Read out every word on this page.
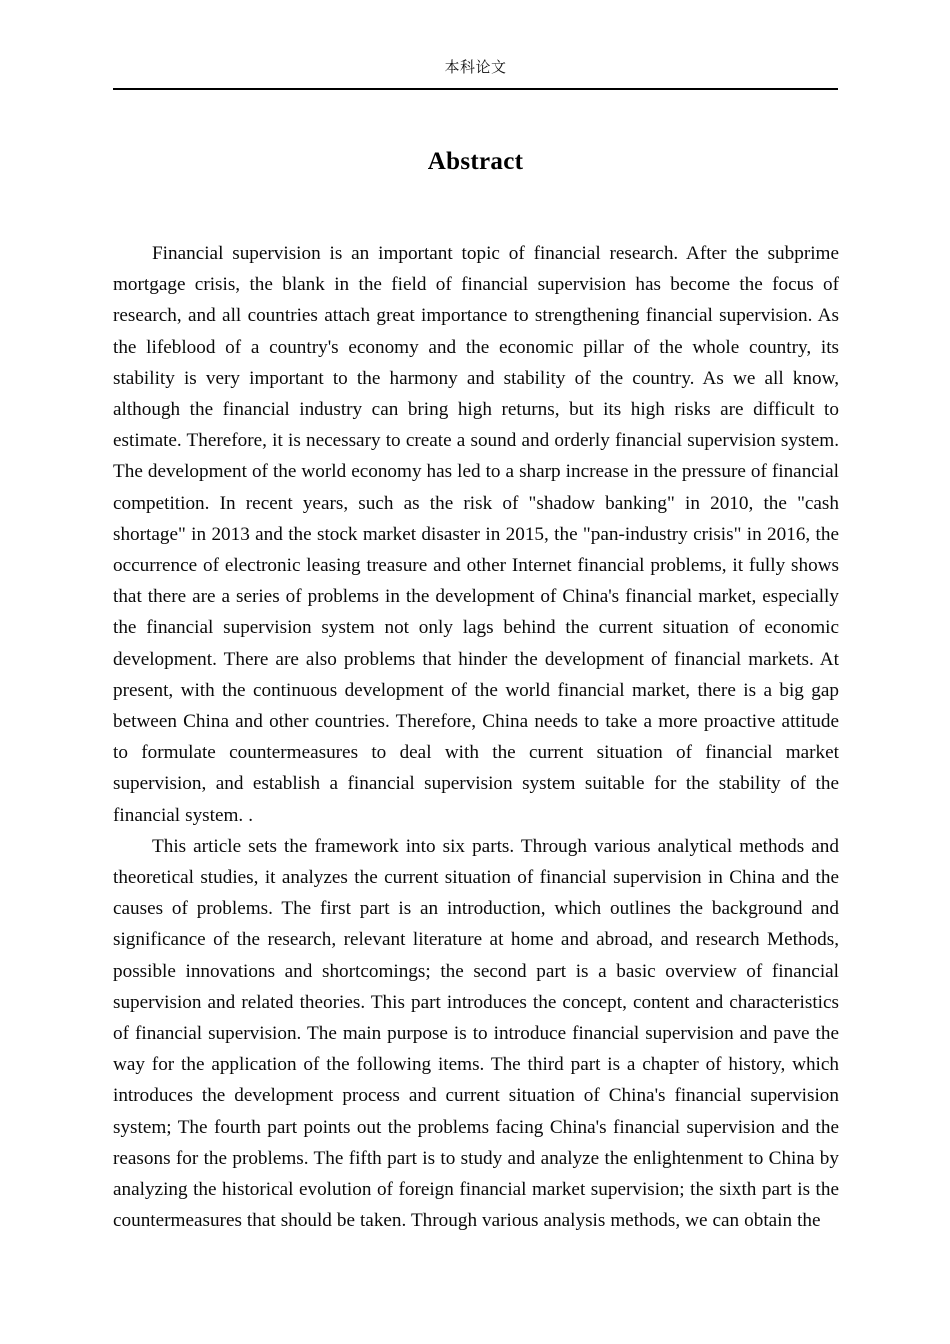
本科论文
Abstract

Financial supervision is an important topic of financial research. After the subprime mortgage crisis, the blank in the field of financial supervision has become the focus of research, and all countries attach great importance to strengthening financial supervision. As the lifeblood of a country's economy and the economic pillar of the whole country, its stability is very important to the harmony and stability of the country. As we all know, although the financial industry can bring high returns, but its high risks are difficult to estimate. Therefore, it is necessary to create a sound and orderly financial supervision system. The development of the world economy has led to a sharp increase in the pressure of financial competition. In recent years, such as the risk of "shadow banking" in 2010, the "cash shortage" in 2013 and the stock market disaster in 2015, the "pan-industry crisis" in 2016, the occurrence of electronic leasing treasure and other Internet financial problems, it fully shows that there are a series of problems in the development of China's financial market, especially the financial supervision system not only lags behind the current situation of economic development. There are also problems that hinder the development of financial markets. At present, with the continuous development of the world financial market, there is a big gap between China and other countries. Therefore, China needs to take a more proactive attitude to formulate countermeasures to deal with the current situation of financial market supervision, and establish a financial supervision system suitable for the stability of the financial system. .

This article sets the framework into six parts. Through various analytical methods and theoretical studies, it analyzes the current situation of financial supervision in China and the causes of problems. The first part is an introduction, which outlines the background and significance of the research, relevant literature at home and abroad, and research Methods, possible innovations and shortcomings; the second part is a basic overview of financial supervision and related theories. This part introduces the concept, content and characteristics of financial supervision. The main purpose is to introduce financial supervision and pave the way for the application of the following items. The third part is a chapter of history, which introduces the development process and current situation of China's financial supervision system; The fourth part points out the problems facing China's financial supervision and the reasons for the problems. The fifth part is to study and analyze the enlightenment to China by analyzing the historical evolution of foreign financial market supervision; the sixth part is the countermeasures that should be taken. Through various analysis methods, we can obtain the
